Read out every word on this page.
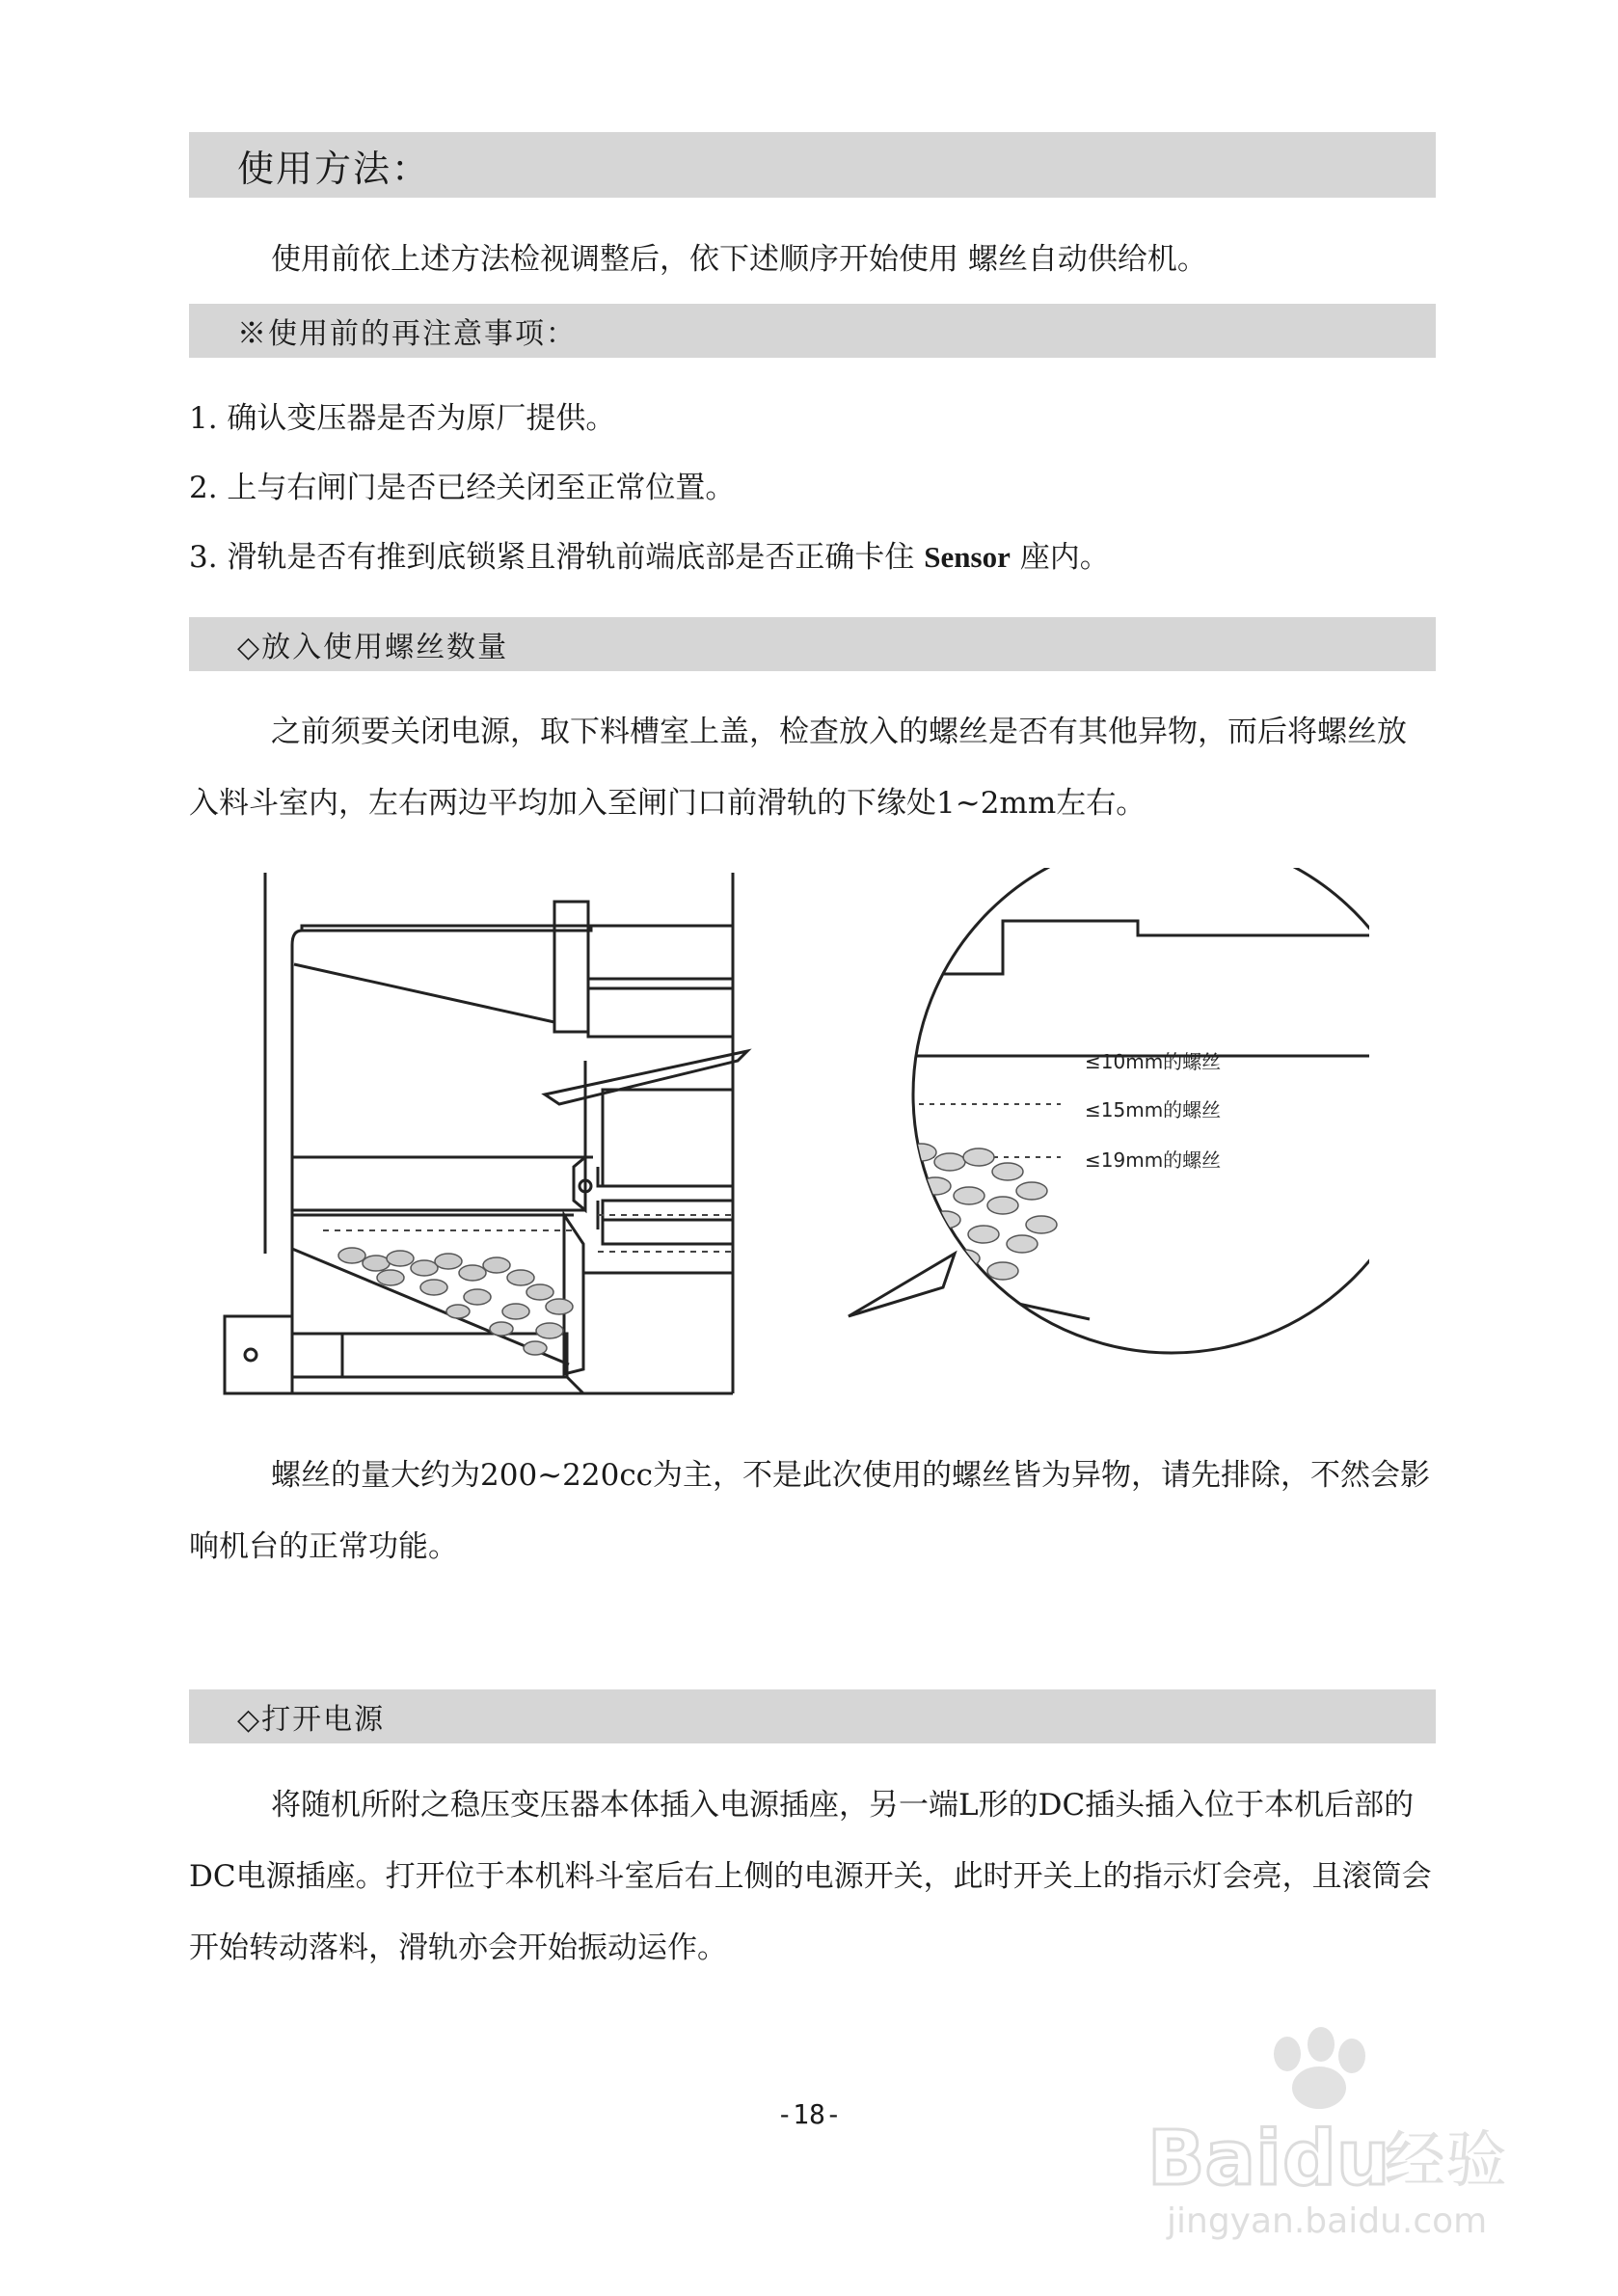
使用方法：

使用前依上述方法检视调整后，依下述顺序开始使用 螺丝自动供给机。

※使用前的再注意事项：
1. 确认变压器是否为原厂提供。
2. 上与右闸门是否已经关闭至正常位置。
3. 滑轨是否有推到底锁紧且滑轨前端底部是否正确卡住 Sensor 座内。
◇放入使用螺丝数量

之前须要关闭电源，取下料槽室上盖，检查放入的螺丝是否有其他异物，而后将螺丝放入料斗室内，左右两边平均加入至闸门口前滑轨的下缘处1~2mm左右。

≤10mm的螺丝
≤15mm的螺丝
≤19mm的螺丝

螺丝的量大约为200~220cc为主，不是此次使用的螺丝皆为异物，请先排除，不然会影响机台的正常功能。

◇打开电源

将随机所附之稳压变压器本体插入电源插座，另一端L形的DC插头插入位于本机后部的DC电源插座。打开位于本机料斗室后右上侧的电源开关，此时开关上的指示灯会亮，且滚筒会开始转动落料，滑轨亦会开始振动运作。

-18-
Bai du
经验
jingyan.baidu.com
